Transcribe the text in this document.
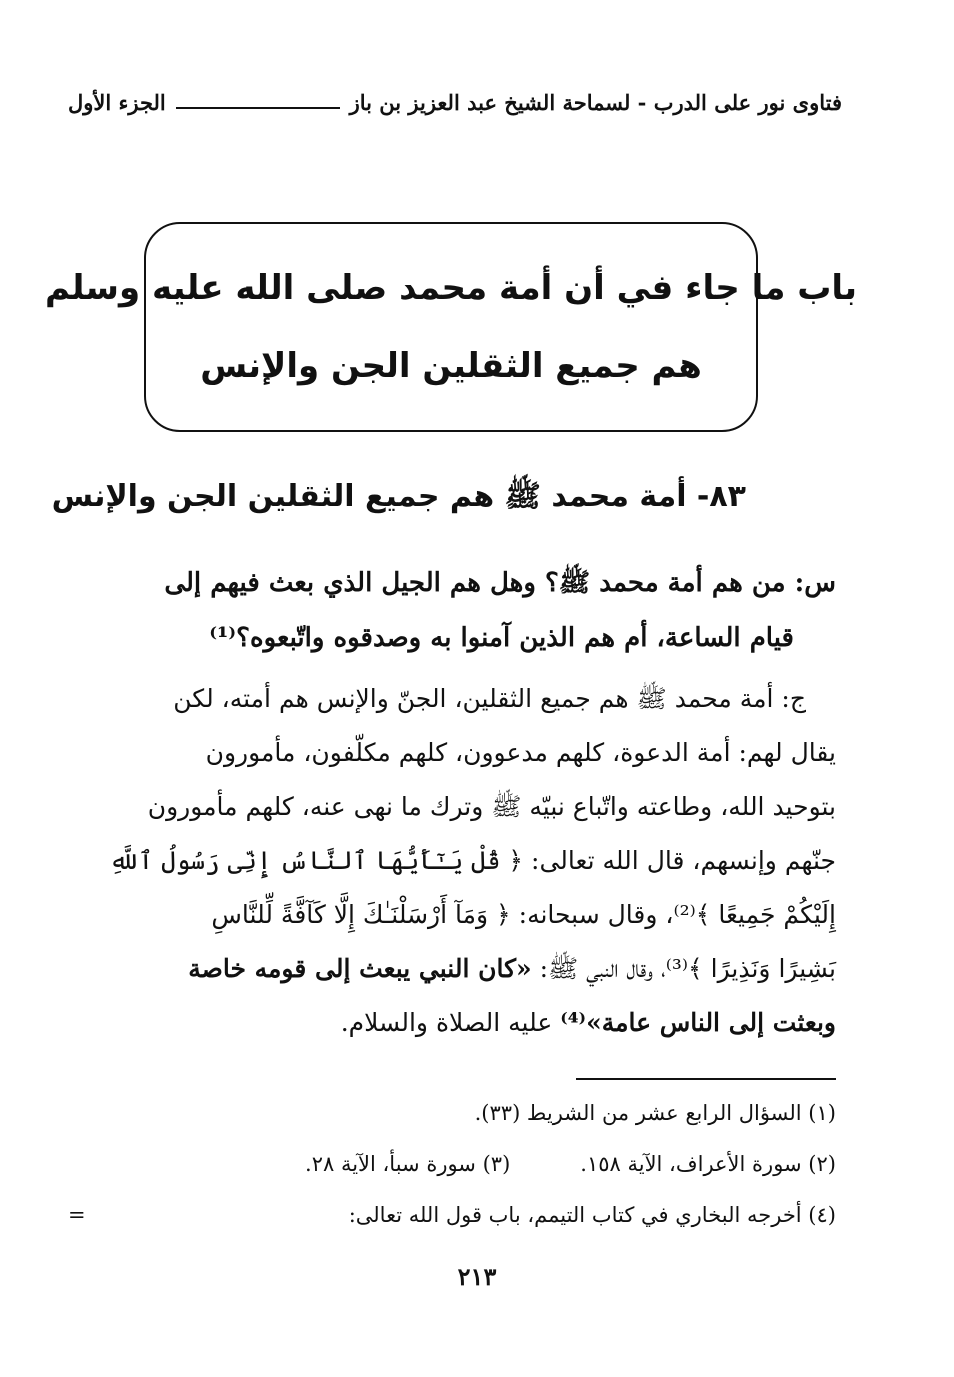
فتاوى نور على الدرب - لسماحة الشيخ عبد العزيز بن باز
الجزء الأول
باب ما جاء في أن أمة محمد صلى الله عليه وسلم
هم جميع الثقلين الجن والإنس
٨٣- أمة محمد ﷺ هم جميع الثقلين الجن والإنس
س: من هم أمة محمد ﷺ؟ وهل هم الجيل الذي بعث فيهم إلى
قيام الساعة، أم هم الذين آمنوا به وصدقوه واتّبعوه؟⁽¹⁾
ج: أمة محمد ﷺ هم جميع الثقلين، الجنّ والإنس هم أمته، لكن
يقال لهم: أمة الدعوة، كلهم مدعوون، كلهم مكلّفون، مأمورون
بتوحيد الله، وطاعته واتّباع نبيّه ﷺ وترك ما نهى عنه، كلهم مأمورون
جنّهم وإنسهم، قال الله تعالى: ﴿ قُلْ يَـٰٓأَيُّهَا ٱلنَّاسُ إِنِّى رَسُولُ ٱللَّهِ
إِلَيْكُمْ جَمِيعًا ﴾⁽²⁾، وقال سبحانه: ﴿ وَمَآ أَرْسَلْنَـٰكَ إِلَّا كَآفَّةً لِّلنَّاسِ
بَشِيرًا وَنَذِيرًا ﴾⁽³⁾، وقال النبي ﷺ: «كان النبي يبعث إلى قومه خاصة
وبعثت إلى الناس عامة»⁽⁴⁾ عليه الصلاة والسلام.
(١) السؤال الرابع عشر من الشريط (٣٣).
(٢) سورة الأعراف، الآية ١٥٨.
(٣) سورة سبأ، الآية ٢٨.
(٤) أخرجه البخاري في كتاب التيمم، باب قول الله تعالى:
=
٢١٣
